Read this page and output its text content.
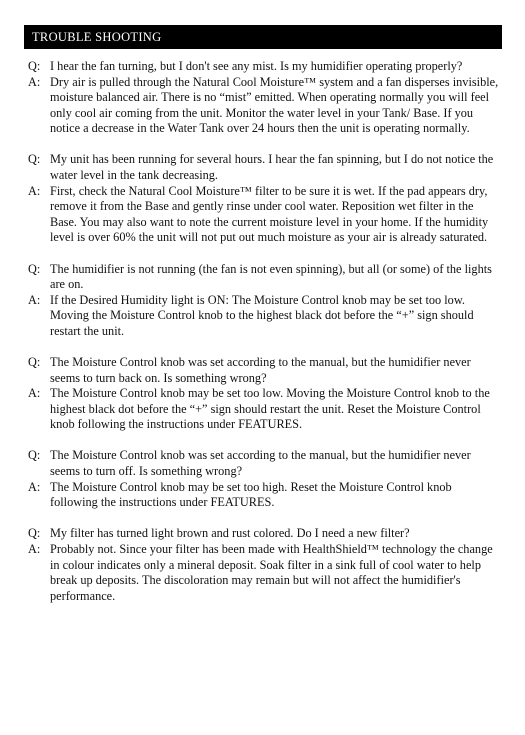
TROUBLE SHOOTING
Q: I hear the fan turning, but I don't see any mist. Is my humidifier operating properly?
A: Dry air is pulled through the Natural Cool Moisture™ system and a fan disperses invisible, moisture balanced air. There is no “mist” emitted. When operating normally you will feel only cool air coming from the unit. Monitor the water level in your Tank/ Base. If you notice a decrease in the Water Tank over 24 hours then the unit is operating normally.
Q: My unit has been running for several hours. I hear the fan spinning, but I do not notice the water level in the tank decreasing.
A: First, check the Natural Cool Moisture™ filter to be sure it is wet. If the pad appears dry, remove it from the Base and gently rinse under cool water. Reposition wet filter in the Base. You may also want to note the current moisture level in your home. If the humidity level is over 60% the unit will not put out much moisture as your air is already saturated.
Q: The humidifier is not running (the fan is not even spinning), but all (or some) of the lights are on.
A: If the Desired Humidity light is ON: The Moisture Control knob may be set too low. Moving the Moisture Control knob to the highest black dot before the “+” sign should restart the unit.
Q: The Moisture Control knob was set according to the manual, but the humidifier never seems to turn back on. Is something wrong?
A: The Moisture Control knob may be set too low. Moving the Moisture Control knob to the highest black dot before the “+” sign should restart the unit. Reset the Moisture Control knob following the instructions under FEATURES.
Q: The Moisture Control knob was set according to the manual, but the humidifier never seems to turn off. Is something wrong?
A: The Moisture Control knob may be set too high. Reset the Moisture Control knob following the instructions under FEATURES.
Q: My filter has turned light brown and rust colored. Do I need a new filter?
A: Probably not. Since your filter has been made with HealthShield™ technology the change in colour indicates only a mineral deposit. Soak filter in a sink full of cool water to help break up deposits. The discoloration may remain but will not affect the humidifier's performance.
